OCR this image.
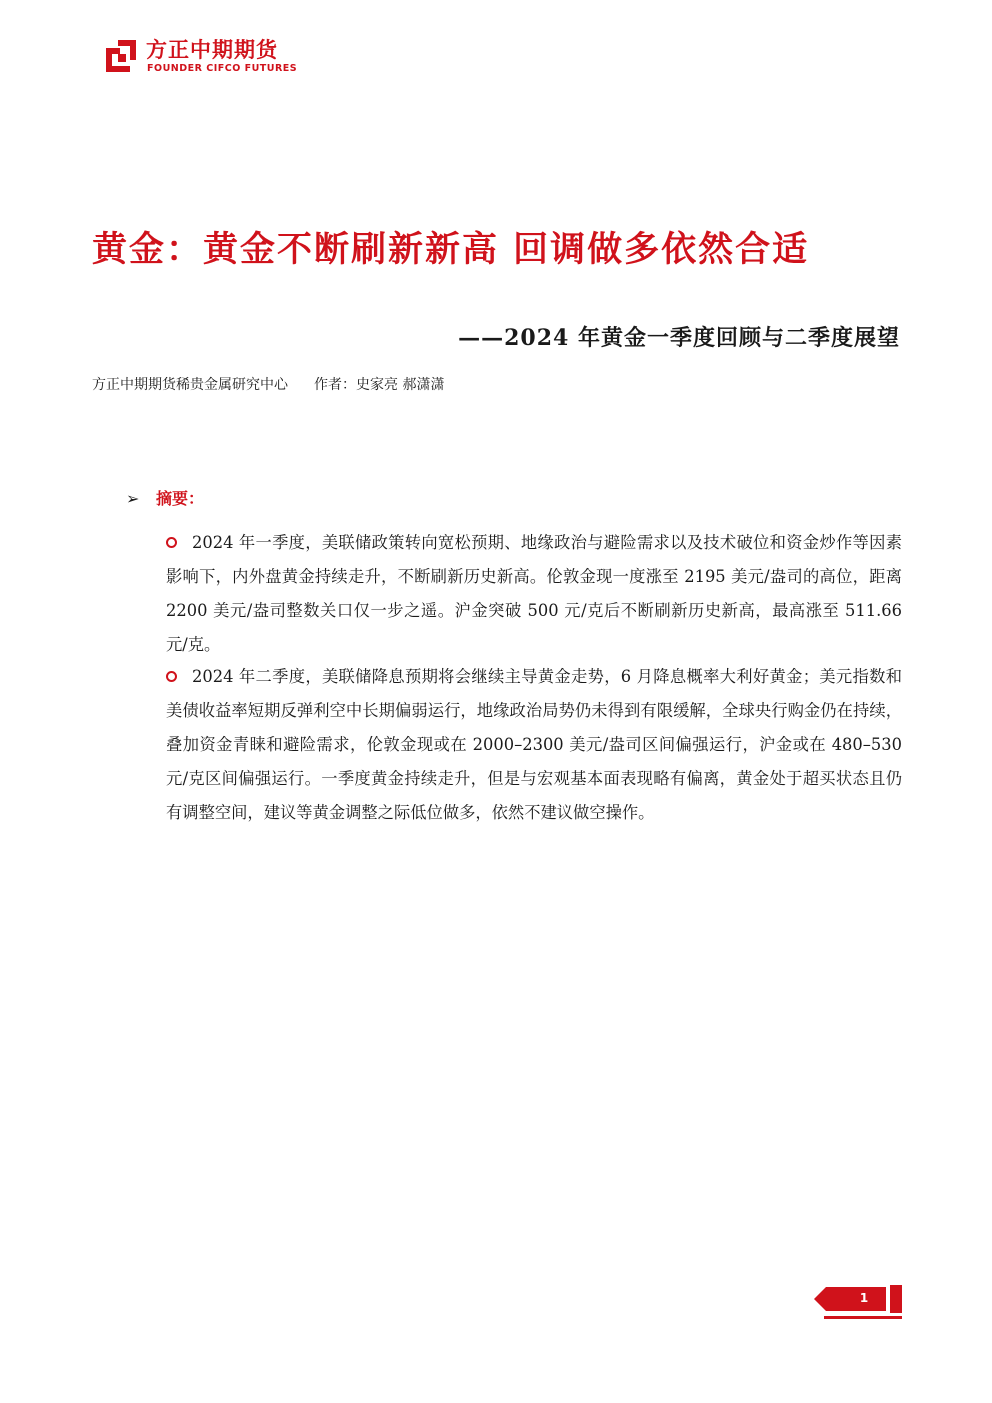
方正中期期货
FOUNDER CIFCO FUTURES
黄金：黄金不断刷新新高 回调做多依然合适
——2024 年黄金一季度回顾与二季度展望
方正中期期货稀贵金属研究中心 作者：史家亮 郝潇潇
➢ 摘要：

2024 年一季度，美联储政策转向宽松预期、地缘政治与避险需求以及技术破位和资金炒作等因素影响下，内外盘黄金持续走升，不断刷新历史新高。伦敦金现一度涨至 2195 美元/盎司的高位，距离 2200 美元/盎司整数关口仅一步之遥。沪金突破 500 元/克后不断刷新历史新高，最高涨至 511.66 元/克。

2024 年二季度，美联储降息预期将会继续主导黄金走势，6 月降息概率大利好黄金；美元指数和美债收益率短期反弹利空中长期偏弱运行，地缘政治局势仍未得到有限缓解，全球央行购金仍在持续，叠加资金青睐和避险需求，伦敦金现或在 2000–2300 美元/盎司区间偏强运行，沪金或在 480–530 元/克区间偏强运行。一季度黄金持续走升，但是与宏观基本面表现略有偏离，黄金处于超买状态且仍有调整空间，建议等黄金调整之际低位做多，依然不建议做空操作。

1
